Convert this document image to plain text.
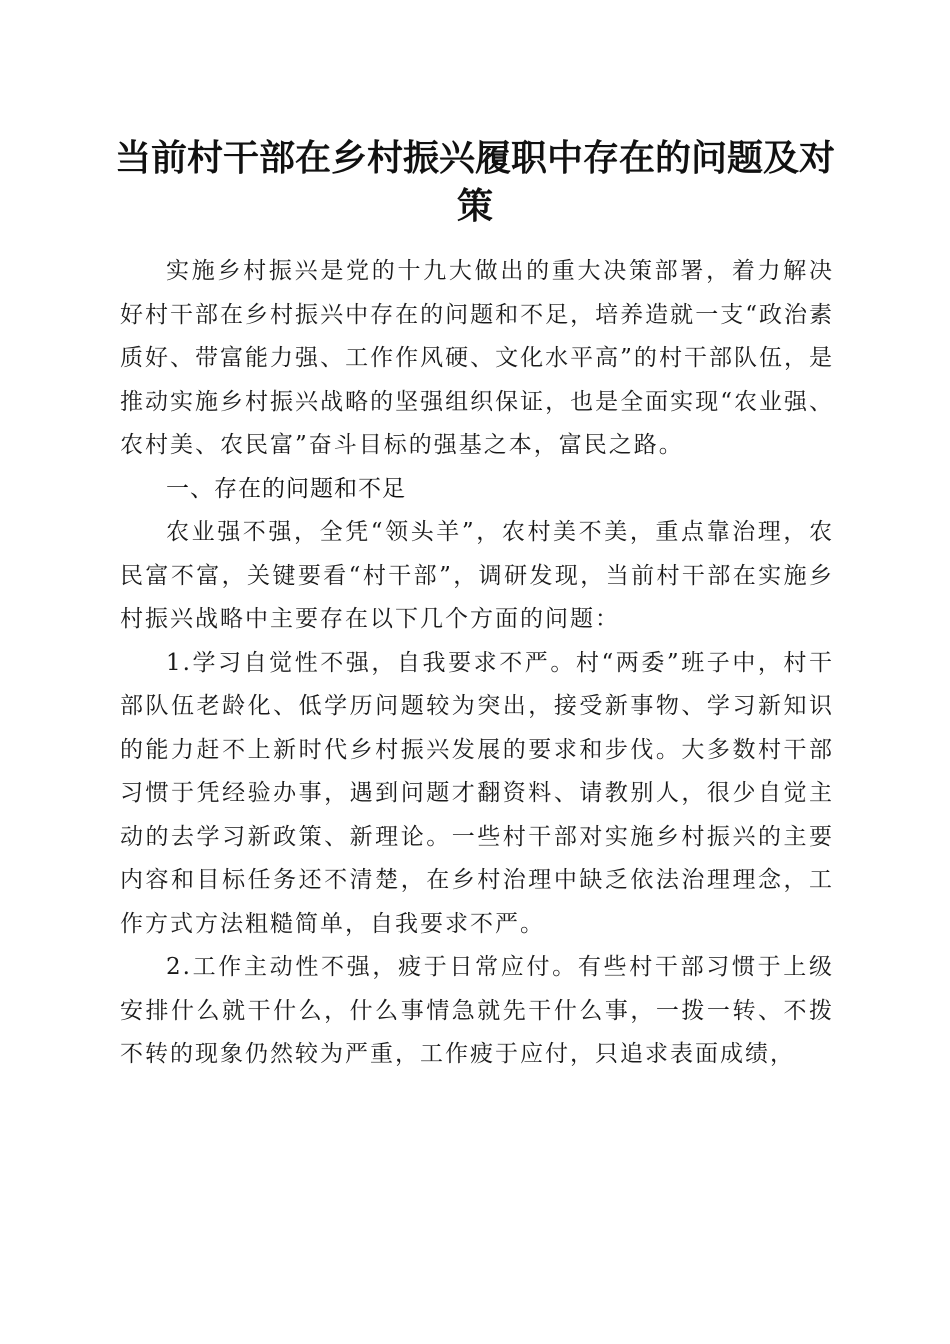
当前村干部在乡村振兴履职中存在的问题及对策

实施乡村振兴是党的十九大做出的重大决策部署，着力解决好村干部在乡村振兴中存在的问题和不足，培养造就一支“政治素质好、带富能力强、工作作风硬、文化水平高”的村干部队伍，是推动实施乡村振兴战略的坚强组织保证，也是全面实现“农业强、农村美、农民富”奋斗目标的强基之本，富民之路。

一、存在的问题和不足

农业强不强，全凭“领头羊”，农村美不美，重点靠治理，农民富不富，关键要看“村干部”，调研发现，当前村干部在实施乡村振兴战略中主要存在以下几个方面的问题：

1.学习自觉性不强，自我要求不严。村“两委”班子中，村干部队伍老龄化、低学历问题较为突出，接受新事物、学习新知识的能力赶不上新时代乡村振兴发展的要求和步伐。大多数村干部习惯于凭经验办事，遇到问题才翻资料、请教别人，很少自觉主动的去学习新政策、新理论。一些村干部对实施乡村振兴的主要内容和目标任务还不清楚，在乡村治理中缺乏依法治理理念，工作方式方法粗糙简单，自我要求不严。

2.工作主动性不强，疲于日常应付。有些村干部习惯于上级安排什么就干什么，什么事情急就先干什么事，一拨一转、不拨不转的现象仍然较为严重，工作疲于应付，只追求表面成绩，
